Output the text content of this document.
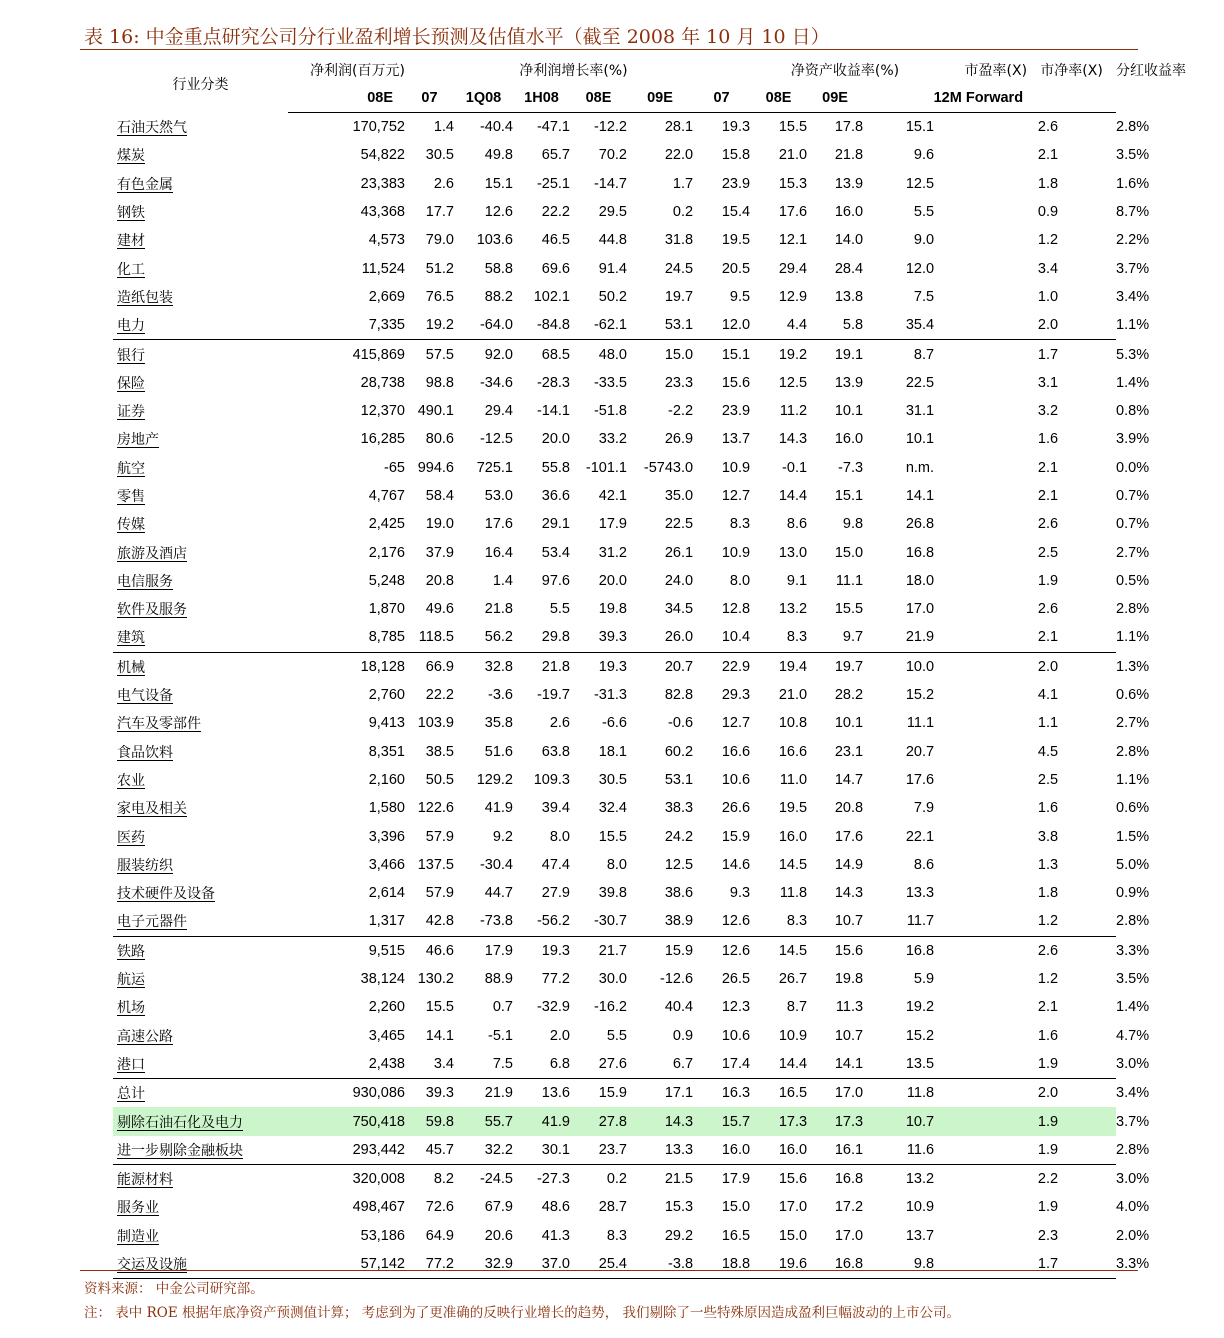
表 16: 中金重点研究公司分行业盈利增长预测及估值水平（截至 2008 年 10 月 10 日）
行业分类	净利润(百万元)		净利润增长率(%)					净资产收益率(%)			市盈率(X)	市净率(X)	分红收益率
	08E	07	1Q08	1H08	08E	09E	07	08E	09E	12M Forward			
石油天然气	170,752	1.4	-40.4	-47.1	-12.2	28.1	19.3	15.5	17.8	15.1	2.6		2.8%
煤炭	54,822	30.5	49.8	65.7	70.2	22.0	15.8	21.0	21.8	9.6	2.1		3.5%
有色金属	23,383	2.6	15.1	-25.1	-14.7	1.7	23.9	15.3	13.9	12.5	1.8		1.6%
钢铁	43,368	17.7	12.6	22.2	29.5	0.2	15.4	17.6	16.0	5.5	0.9		8.7%
建材	4,573	79.0	103.6	46.5	44.8	31.8	19.5	12.1	14.0	9.0	1.2		2.2%
化工	11,524	51.2	58.8	69.6	91.4	24.5	20.5	29.4	28.4	12.0	3.4		3.7%
造纸包装	2,669	76.5	88.2	102.1	50.2	19.7	9.5	12.9	13.8	7.5	1.0		3.4%
电力	7,335	19.2	-64.0	-84.8	-62.1	53.1	12.0	4.4	5.8	35.4	2.0		1.1%
银行	415,869	57.5	92.0	68.5	48.0	15.0	15.1	19.2	19.1	8.7	1.7		5.3%
保险	28,738	98.8	-34.6	-28.3	-33.5	23.3	15.6	12.5	13.9	22.5	3.1		1.4%
证券	12,370	490.1	29.4	-14.1	-51.8	-2.2	23.9	11.2	10.1	31.1	3.2		0.8%
房地产	16,285	80.6	-12.5	20.0	33.2	26.9	13.7	14.3	16.0	10.1	1.6		3.9%
航空	-65	994.6	725.1	55.8	-101.1	-5743.0	10.9	-0.1	-7.3	n.m.	2.1		0.0%
零售	4,767	58.4	53.0	36.6	42.1	35.0	12.7	14.4	15.1	14.1	2.1		0.7%
传媒	2,425	19.0	17.6	29.1	17.9	22.5	8.3	8.6	9.8	26.8	2.6		0.7%
旅游及酒店	2,176	37.9	16.4	53.4	31.2	26.1	10.9	13.0	15.0	16.8	2.5		2.7%
电信服务	5,248	20.8	1.4	97.6	20.0	24.0	8.0	9.1	11.1	18.0	1.9		0.5%
软件及服务	1,870	49.6	21.8	5.5	19.8	34.5	12.8	13.2	15.5	17.0	2.6		2.8%
建筑	8,785	118.5	56.2	29.8	39.3	26.0	10.4	8.3	9.7	21.9	2.1		1.1%
机械	18,128	66.9	32.8	21.8	19.3	20.7	22.9	19.4	19.7	10.0	2.0		1.3%
电气设备	2,760	22.2	-3.6	-19.7	-31.3	82.8	29.3	21.0	28.2	15.2	4.1		0.6%
汽车及零部件	9,413	103.9	35.8	2.6	-6.6	-0.6	12.7	10.8	10.1	11.1	1.1		2.7%
食品饮料	8,351	38.5	51.6	63.8	18.1	60.2	16.6	16.6	23.1	20.7	4.5		2.8%
农业	2,160	50.5	129.2	109.3	30.5	53.1	10.6	11.0	14.7	17.6	2.5		1.1%
家电及相关	1,580	122.6	41.9	39.4	32.4	38.3	26.6	19.5	20.8	7.9	1.6		0.6%
医药	3,396	57.9	9.2	8.0	15.5	24.2	15.9	16.0	17.6	22.1	3.8		1.5%
服装纺织	3,466	137.5	-30.4	47.4	8.0	12.5	14.6	14.5	14.9	8.6	1.3		5.0%
技术硬件及设备	2,614	57.9	44.7	27.9	39.8	38.6	9.3	11.8	14.3	13.3	1.8		0.9%
电子元器件	1,317	42.8	-73.8	-56.2	-30.7	38.9	12.6	8.3	10.7	11.7	1.2		2.8%
铁路	9,515	46.6	17.9	19.3	21.7	15.9	12.6	14.5	15.6	16.8	2.6		3.3%
航运	38,124	130.2	88.9	77.2	30.0	-12.6	26.5	26.7	19.8	5.9	1.2		3.5%
机场	2,260	15.5	0.7	-32.9	-16.2	40.4	12.3	8.7	11.3	19.2	2.1		1.4%
高速公路	3,465	14.1	-5.1	2.0	5.5	0.9	10.6	10.9	10.7	15.2	1.6		4.7%
港口	2,438	3.4	7.5	6.8	27.6	6.7	17.4	14.4	14.1	13.5	1.9		3.0%
总计	930,086	39.3	21.9	13.6	15.9	17.1	16.3	16.5	17.0	11.8	2.0		3.4%
剔除石油石化及电力	750,418	59.8	55.7	41.9	27.8	14.3	15.7	17.3	17.3	10.7	1.9		3.7%
进一步剔除金融板块	293,442	45.7	32.2	30.1	23.7	13.3	16.0	16.0	16.1	11.6	1.9		2.8%
能源材料	320,008	8.2	-24.5	-27.3	0.2	21.5	17.9	15.6	16.8	13.2	2.2		3.0%
服务业	498,467	72.6	67.9	48.6	28.7	15.3	15.0	17.0	17.2	10.9	1.9		4.0%
制造业	53,186	64.9	20.6	41.3	8.3	29.2	16.5	15.0	17.0	13.7	2.3		2.0%
交运及设施	57,142	77.2	32.9	37.0	25.4	-3.8	18.8	19.6	16.8	9.8	1.7		3.3%
资料来源： 中金公司研究部。
注： 表中 ROE 根据年底净资产预测值计算； 考虑到为了更准确的反映行业增长的趋势， 我们剔除了一些特殊原因造成盈利巨幅波动的上市公司。
